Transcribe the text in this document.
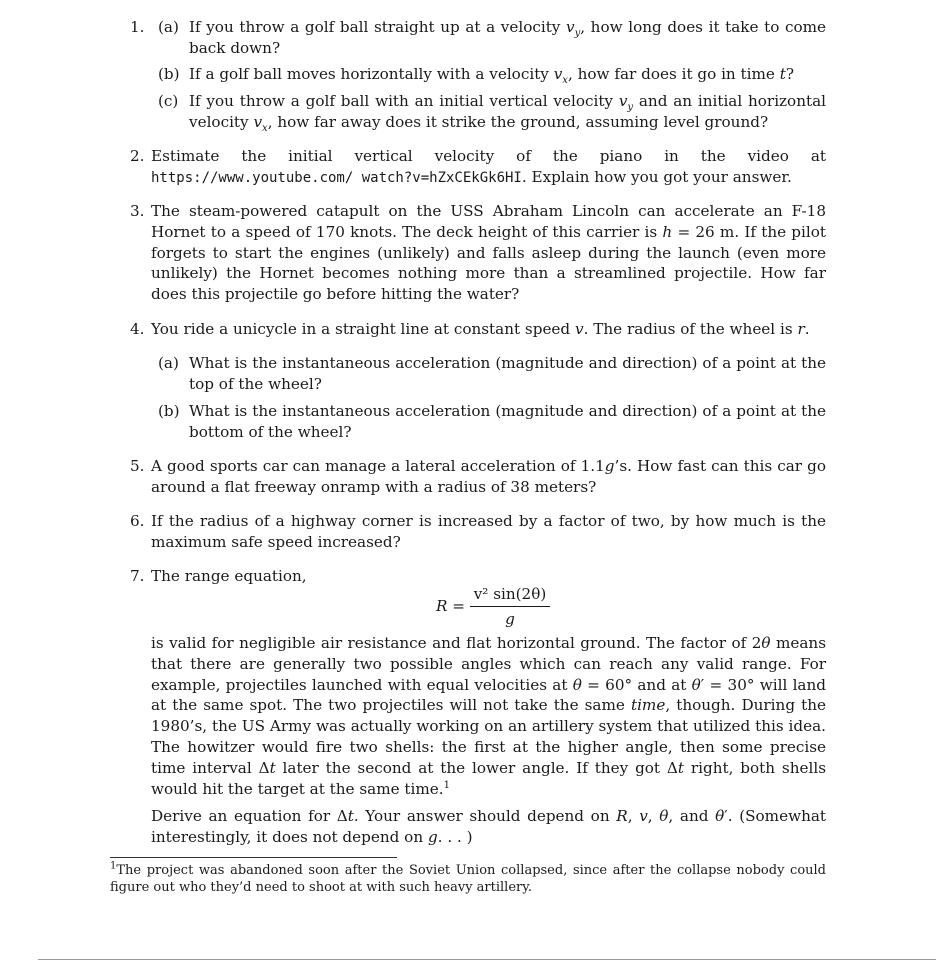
1. (a) If you throw a golf ball straight up at a velocity $v_y$, how long does it take to come back down?
(b) If a golf ball moves horizontally with a velocity $v_x$, how far does it go in time t?
(c) If you throw a golf ball with an initial vertical velocity $v_y$ and an initial horizontal velocity $v_x$, how far away does it strike the ground, assuming level ground?
2. Estimate the initial vertical velocity of the piano in the video at https://www.youtube.com/ watch?v=hZxCEkGk6HI. Explain how you got your answer.
3. The steam-powered catapult on the USS Abraham Lincoln can accelerate an F-18 Hornet to a speed of 170 knots. The deck height of this carrier is h = 26 m. If the pilot forgets to start the engines (unlikely) and falls asleep during the launch (even more unlikely) the Hornet becomes nothing more than a streamlined projectile. How far does this projectile go before hitting the water?
4. You ride a unicycle in a straight line at constant speed v. The radius of the wheel is r.
(a) What is the instantaneous acceleration (magnitude and direction) of a point at the top of the wheel?
(b) What is the instantaneous acceleration (magnitude and direction) of a point at the bottom of the wheel?
5. A good sports car can manage a lateral acceleration of 1.1g’s. How fast can this car go around a flat freeway onramp with a radius of 38 meters?
6. If the radius of a highway corner is increased by a factor of two, by how much is the maximum safe speed increased?
7. The range equation,
R =
v² sin(2θ)
g
is valid for negligible air resistance and flat horizontal ground. The factor of 2θ means that there are generally two possible angles which can reach any valid range. For example, projectiles launched with equal velocities at θ = 60° and at θ′ = 30° will land at the same spot. The two projectiles will not take the same time, though. During the 1980’s, the US Army was actually working on an artillery system that utilized this idea. The howitzer would fire two shells: the first at the higher angle, then some precise time interval Δt later the second at the lower angle. If they got Δt right, both shells would hit the target at the same time.$^1$
Derive an equation for Δt. Your answer should depend on R, v, θ, and θ′. (Somewhat interestingly, it does not depend on g. . . )
$^1$The project was abandoned soon after the Soviet Union collapsed, since after the collapse nobody could figure out who they’d need to shoot at with such heavy artillery.
